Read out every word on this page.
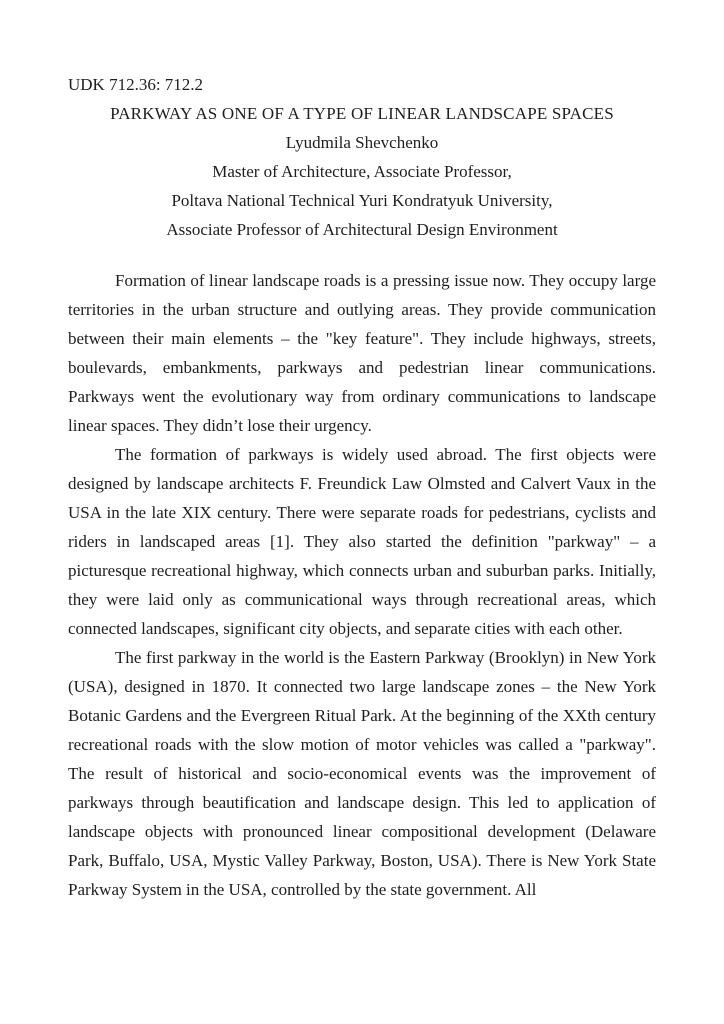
UDK 712.36: 712.2

PARKWAY AS ONE OF A TYPE OF LINEAR LANDSCAPE SPACES

Lyudmila Shevchenko

Master of Architecture, Associate Professor,

Poltava National Technical Yuri Kondratyuk University,

Associate Professor of Architectural Design Environment

Formation of linear landscape roads is a pressing issue now. They occupy large territories in the urban structure and outlying areas. They provide communication between their main elements – the "key feature". They include highways, streets, boulevards, embankments, parkways and pedestrian linear communications. Parkways went the evolutionary way from ordinary communications to landscape linear spaces. They didn’t lose their urgency.

The formation of parkways is widely used abroad. The first objects were designed by landscape architects F. Freundick Law Olmsted and Calvert Vaux in the USA in the late XIX century. There were separate roads for pedestrians, cyclists and riders in landscaped areas [1]. They also started the definition "parkway" – a picturesque recreational highway, which connects urban and suburban parks. Initially, they were laid only as communicational ways through recreational areas, which connected landscapes, significant city objects, and separate cities with each other.

The first parkway in the world is the Eastern Parkway (Brooklyn) in New York (USA), designed in 1870. It connected two large landscape zones – the New York Botanic Gardens and the Evergreen Ritual Park. At the beginning of the XXth century recreational roads with the slow motion of motor vehicles was called a "parkway". The result of historical and socio-economical events was the improvement of parkways through beautification and landscape design. This led to application of landscape objects with pronounced linear compositional development (Delaware Park, Buffalo, USA, Mystic Valley Parkway, Boston, USA). There is New York State Parkway System in the USA, controlled by the state government. All
